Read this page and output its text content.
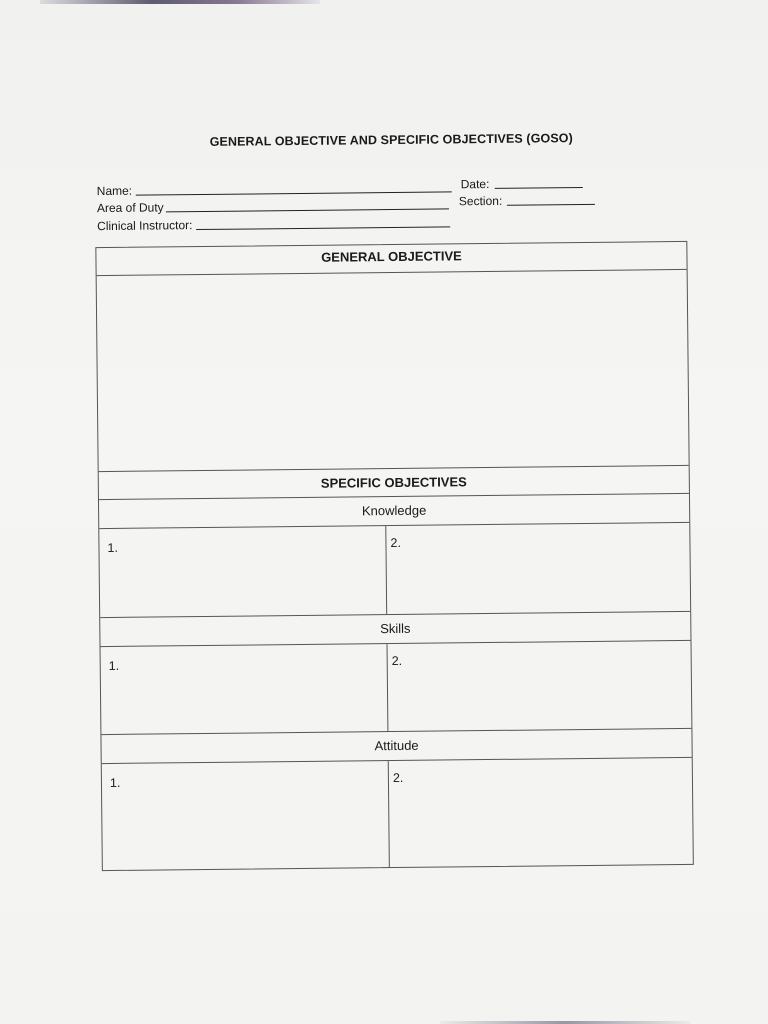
GENERAL OBJECTIVE AND SPECIFIC OBJECTIVES (GOSO)
Name:	Date:
Area of Duty	Section:
Clinical Instructor:
GENERAL OBJECTIVE
SPECIFIC OBJECTIVES
Knowledge
1.	2.
Skills
1.	2.
Attitude
1.	2.
